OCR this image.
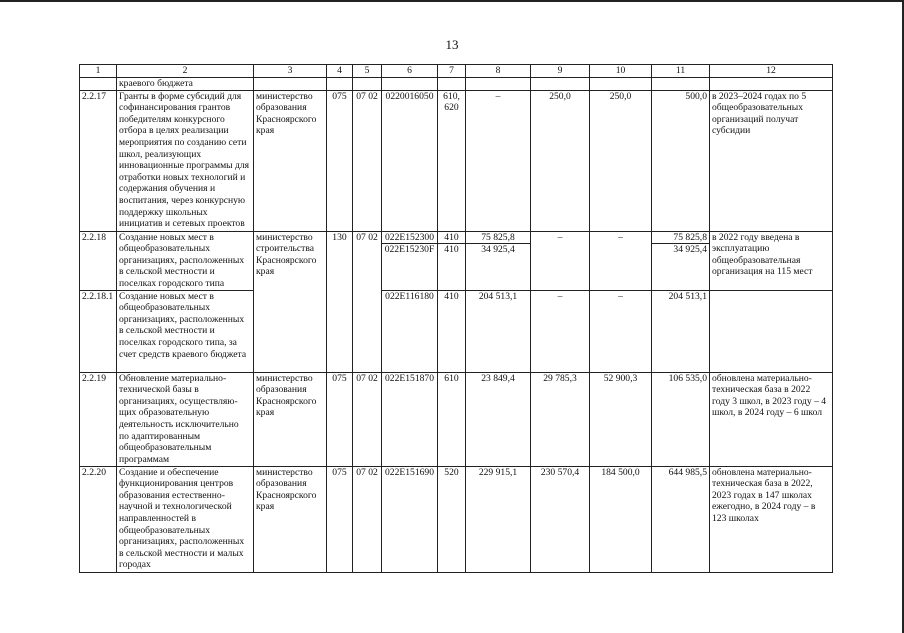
13
1	2	3	4	5	6	7	8	9	10	11	12
	краевого бюджета										
2.2.17	Гранты в форме субсидий для софинансирования грантов победителям конкурсного отбора в целях реализации мероприятия по созданию сети школ, реализующих инновационные программы для отработки новых технологий и содержания обучения и воспитания, через конкурсную поддержку школьных инициатив и сетевых проектов	министерство образования Красноярского края	075	07 02	0220016050	610, 620	–	250,0	250,0	500,0	в 2023–2024 годах по 5 общеобразовательных организаций получат субсидии
2.2.18	Создание новых мест в общеобразовательных организациях, расположенных в сельской местности и поселках городского типа	министерство строительства Красноярского края	130	07 02	022E152300	410	75 825,8	–	–	75 825,8	в 2022 году введена в эксплуатацию общеобразовательная организация на 115 мест
					022E15230F	410	34 925,4			34 925,4	
2.2.18.1	Создание новых мест в общеобразовательных организациях, расположенных в сельской местности и поселках городского типа, за счет средств краевого бюджета				022E116180	410	204 513,1	–	–	204 513,1	
2.2.19	Обновление материально-технической базы в организациях, осуществляю-щих образовательную деятельность исключительно по адаптированным общеобразовательным программам	министерство образования Красноярского края	075	07 02	022E151870	610	23 849,4	29 785,3	52 900,3	106 535,0	обновлена материально-техническая база в 2022 году 3 школ, в 2023 году – 4 школ, в 2024 году – 6 школ
2.2.20	Создание и обеспечение функционирования центров образования естественно-научной и технологической направленностей в общеобразовательных организациях, расположенных в сельской местности и малых городах	министерство образования Красноярского края	075	07 02	022E151690	520	229 915,1	230 570,4	184 500,0	644 985,5	обновлена материально-техническая база в 2022, 2023 годах в 147 школах ежегодно, в 2024 году – в 123 школах
